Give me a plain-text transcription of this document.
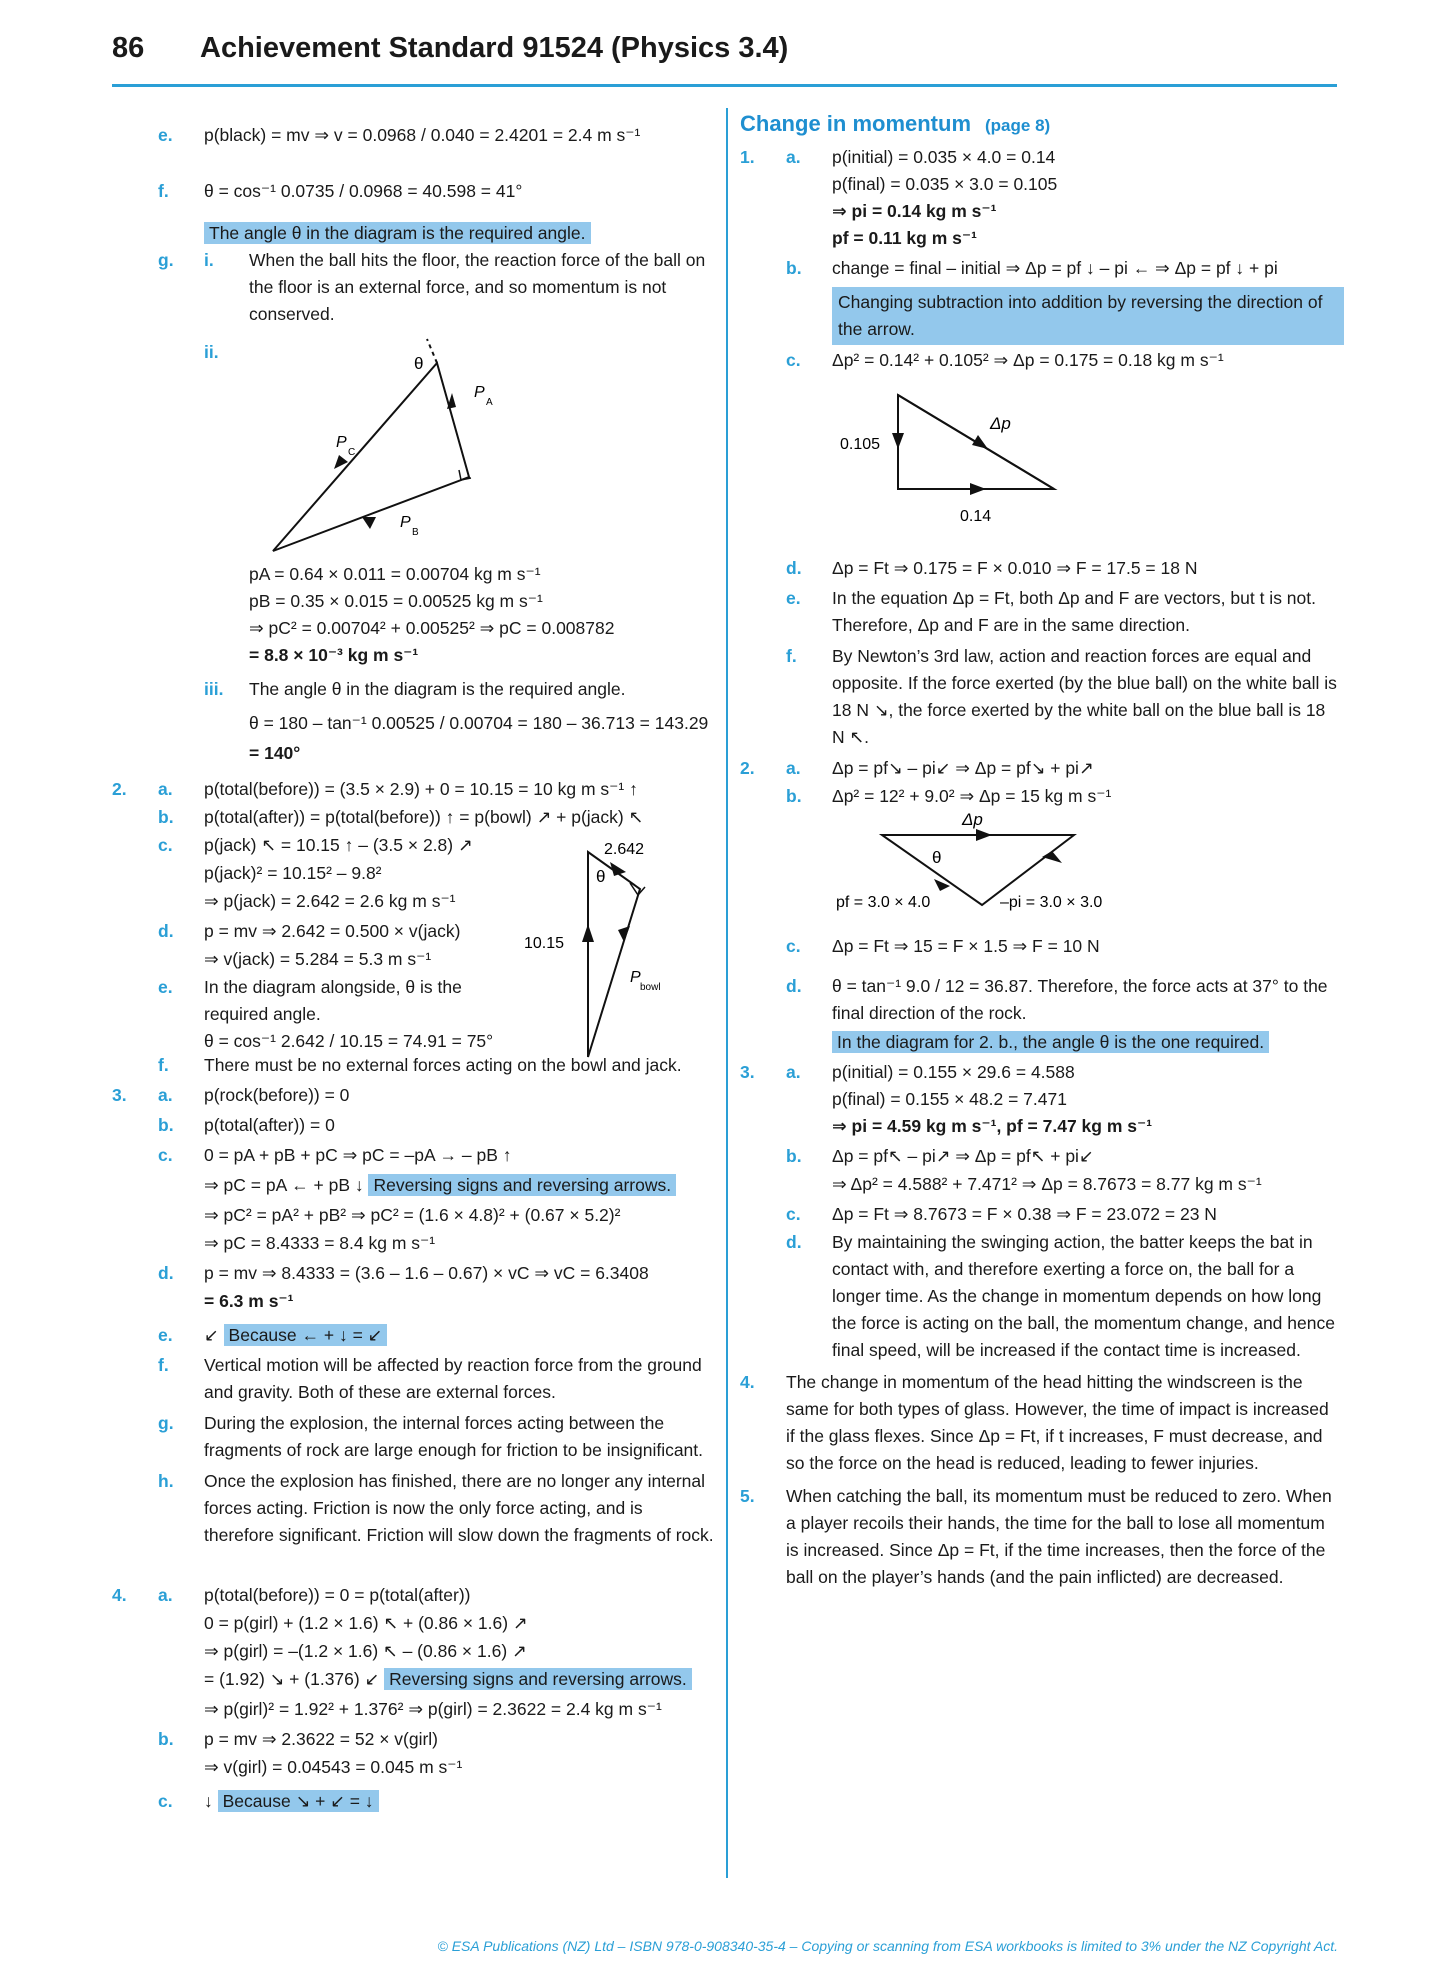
86 Achievement Standard 91524 (Physics 3.4)
e. p(black) = mv ⇒ v = 0.0968 / 0.040 = 2.4201 = 2.4 m s⁻¹

f. θ = cos⁻¹ 0.0735 / 0.0968 = 40.598 = 41°

The angle θ in the diagram is the required angle.

g. i. When the ball hits the floor, the reaction force of the ball on the floor is an external force, and so momentum is not conserved.

ii.
θ
P
A
P
C
P
B

pA = 0.64 × 0.011 = 0.00704 kg m s⁻¹

pB = 0.35 × 0.015 = 0.00525 kg m s⁻¹

⇒ pC² = 0.00704² + 0.00525² ⇒ pC = 0.008782

= 8.8 × 10⁻³ kg m s⁻¹

iii. The angle θ in the diagram is the required angle.

θ = 180 – tan⁻¹ 0.00525 / 0.00704 = 180 – 36.713 = 143.29

= 140°

2. a. p(total(before)) = (3.5 × 2.9) + 0 = 10.15 = 10 kg m s⁻¹ ↑

b. p(total(after)) = p(total(before)) ↑ = p(bowl) ↗ + p(jack) ↖

2.642
θ
10.15
P
bowl
c. p(jack) ↖ = 10.15 ↑ – (3.5 × 2.8) ↗

p(jack)² = 10.15² – 9.8²

⇒ p(jack) = 2.642 = 2.6 kg m s⁻¹

d. p = mv ⇒ 2.642 = 0.500 × v(jack)

⇒ v(jack) = 5.284 = 5.3 m s⁻¹

e. In the diagram alongside, θ is the required angle.

θ = cos⁻¹ 2.642 / 10.15 = 74.91 = 75°

f. There must be no external forces acting on the bowl and jack.

3. a. p(rock(before)) = 0

b. p(total(after)) = 0

c. 0 = pA + pB + pC ⇒ pC = –pA → – pB ↑

⇒ pC = pA ← + pB ↓ Reversing signs and reversing arrows.

⇒ pC² = pA² + pB² ⇒ pC² = (1.6 × 4.8)² + (0.67 × 5.2)²

⇒ pC = 8.4333 = 8.4 kg m s⁻¹

d. p = mv ⇒ 8.4333 = (3.6 – 1.6 – 0.67) × vC ⇒ vC = 6.3408

= 6.3 m s⁻¹

e. ↙ Because ← + ↓ = ↙

f. Vertical motion will be affected by reaction force from the ground and gravity. Both of these are external forces.

g. During the explosion, the internal forces acting between the fragments of rock are large enough for friction to be insignificant.

h. Once the explosion has finished, there are no longer any internal forces acting. Friction is now the only force acting, and is therefore significant. Friction will slow down the fragments of rock.

4. a. p(total(before)) = 0 = p(total(after))

0 = p(girl) + (1.2 × 1.6) ↖ + (0.86 × 1.6) ↗

⇒ p(girl) = –(1.2 × 1.6) ↖ – (0.86 × 1.6) ↗

= (1.92) ↘ + (1.376) ↙ Reversing signs and reversing arrows.

⇒ p(girl)² = 1.92² + 1.376² ⇒ p(girl) = 2.3622 = 2.4 kg m s⁻¹

b. p = mv ⇒ 2.3622 = 52 × v(girl)

⇒ v(girl) = 0.04543 = 0.045 m s⁻¹

c. ↓ Because ↘ + ↙ = ↓

Change in momentum (page 8)
1. a. p(initial) = 0.035 × 4.0 = 0.14

p(final) = 0.035 × 3.0 = 0.105

⇒ pi = 0.14 kg m s⁻¹

pf = 0.11 kg m s⁻¹

b. change = final – initial ⇒ Δp = pf ↓ – pi ← ⇒ Δp = pf ↓ + pi

Changing subtraction into addition by reversing the direction of the arrow.
c. Δp² = 0.14² + 0.105² ⇒ Δp = 0.175 = 0.18 kg m s⁻¹

Δp
0.105
0.14
d. Δp = Ft ⇒ 0.175 = F × 0.010 ⇒ F = 17.5 = 18 N

e. In the equation Δp = Ft, both Δp and F are vectors, but t is not. Therefore, Δp and F are in the same direction.

f. By Newton’s 3rd law, action and reaction forces are equal and opposite. If the force exerted (by the blue ball) on the white ball is 18 N ↘, the force exerted by the white ball on the blue ball is 18 N ↖.

2. a. Δp = pf↘ – pi↙ ⇒ Δp = pf↘ + pi↗

b. Δp² = 12² + 9.0² ⇒ Δp = 15 kg m s⁻¹

Δp
θ
pf = 3.0 × 4.0	–pi = 3.0 × 3.0
c. Δp = Ft ⇒ 15 = F × 1.5 ⇒ F = 10 N

d. θ = tan⁻¹ 9.0 / 12 = 36.87. Therefore, the force acts at 37° to the final direction of the rock.

In the diagram for 2. b., the angle θ is the one required.

3. a. p(initial) = 0.155 × 29.6 = 4.588

p(final) = 0.155 × 48.2 = 7.471

⇒ pi = 4.59 kg m s⁻¹, pf = 7.47 kg m s⁻¹

b. Δp = pf↖ – pi↗ ⇒ Δp = pf↖ + pi↙

⇒ Δp² = 4.588² + 7.471² ⇒ Δp = 8.7673 = 8.77 kg m s⁻¹

c. Δp = Ft ⇒ 8.7673 = F × 0.38 ⇒ F = 23.072 = 23 N

d. By maintaining the swinging action, the batter keeps the bat in contact with, and therefore exerting a force on, the ball for a longer time. As the change in momentum depends on how long the force is acting on the ball, the momentum change, and hence final speed, will be increased if the contact time is increased.

4. The change in momentum of the head hitting the windscreen is the same for both types of glass. However, the time of impact is increased if the glass flexes. Since Δp = Ft, if t increases, F must decrease, and so the force on the head is reduced, leading to fewer injuries.

5. When catching the ball, its momentum must be reduced to zero. When a player recoils their hands, the time for the ball to lose all momentum is increased. Since Δp = Ft, if the time increases, then the force of the ball on the player’s hands (and the pain inflicted) are decreased.

© ESA Publications (NZ) Ltd – ISBN 978-0-908340-35-4 – Copying or scanning from ESA workbooks is limited to 3% under the NZ Copyright Act.
